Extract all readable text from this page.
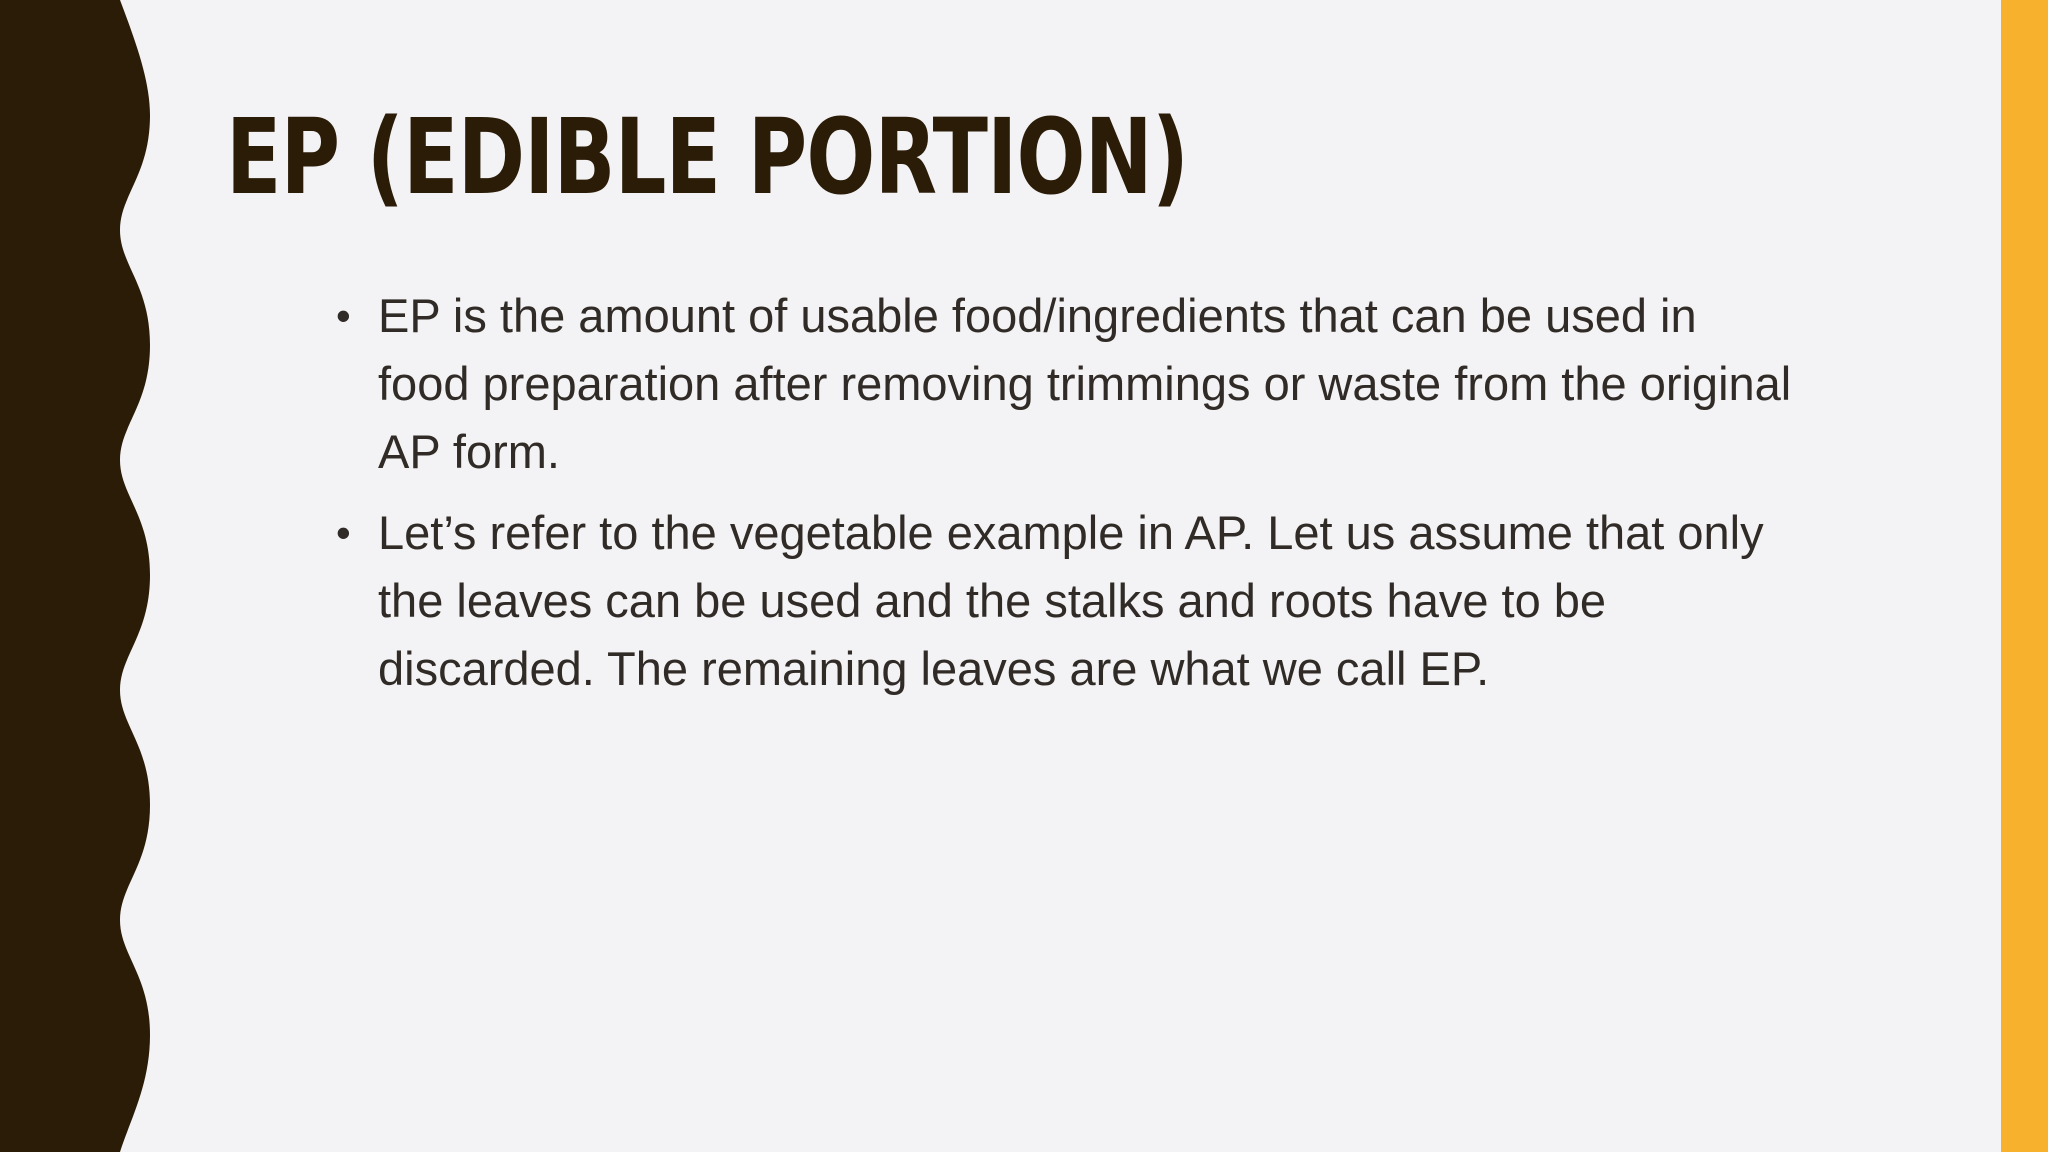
EP (EDIBLE PORTION)
• EP is the amount of usable food/ingredients that can be used in food preparation after removing trimmings or waste from the original AP form.
• Let’s refer to the vegetable example in AP. Let us assume that only the leaves can be used and the stalks and roots have to be discarded. The remaining leaves are what we call EP.
